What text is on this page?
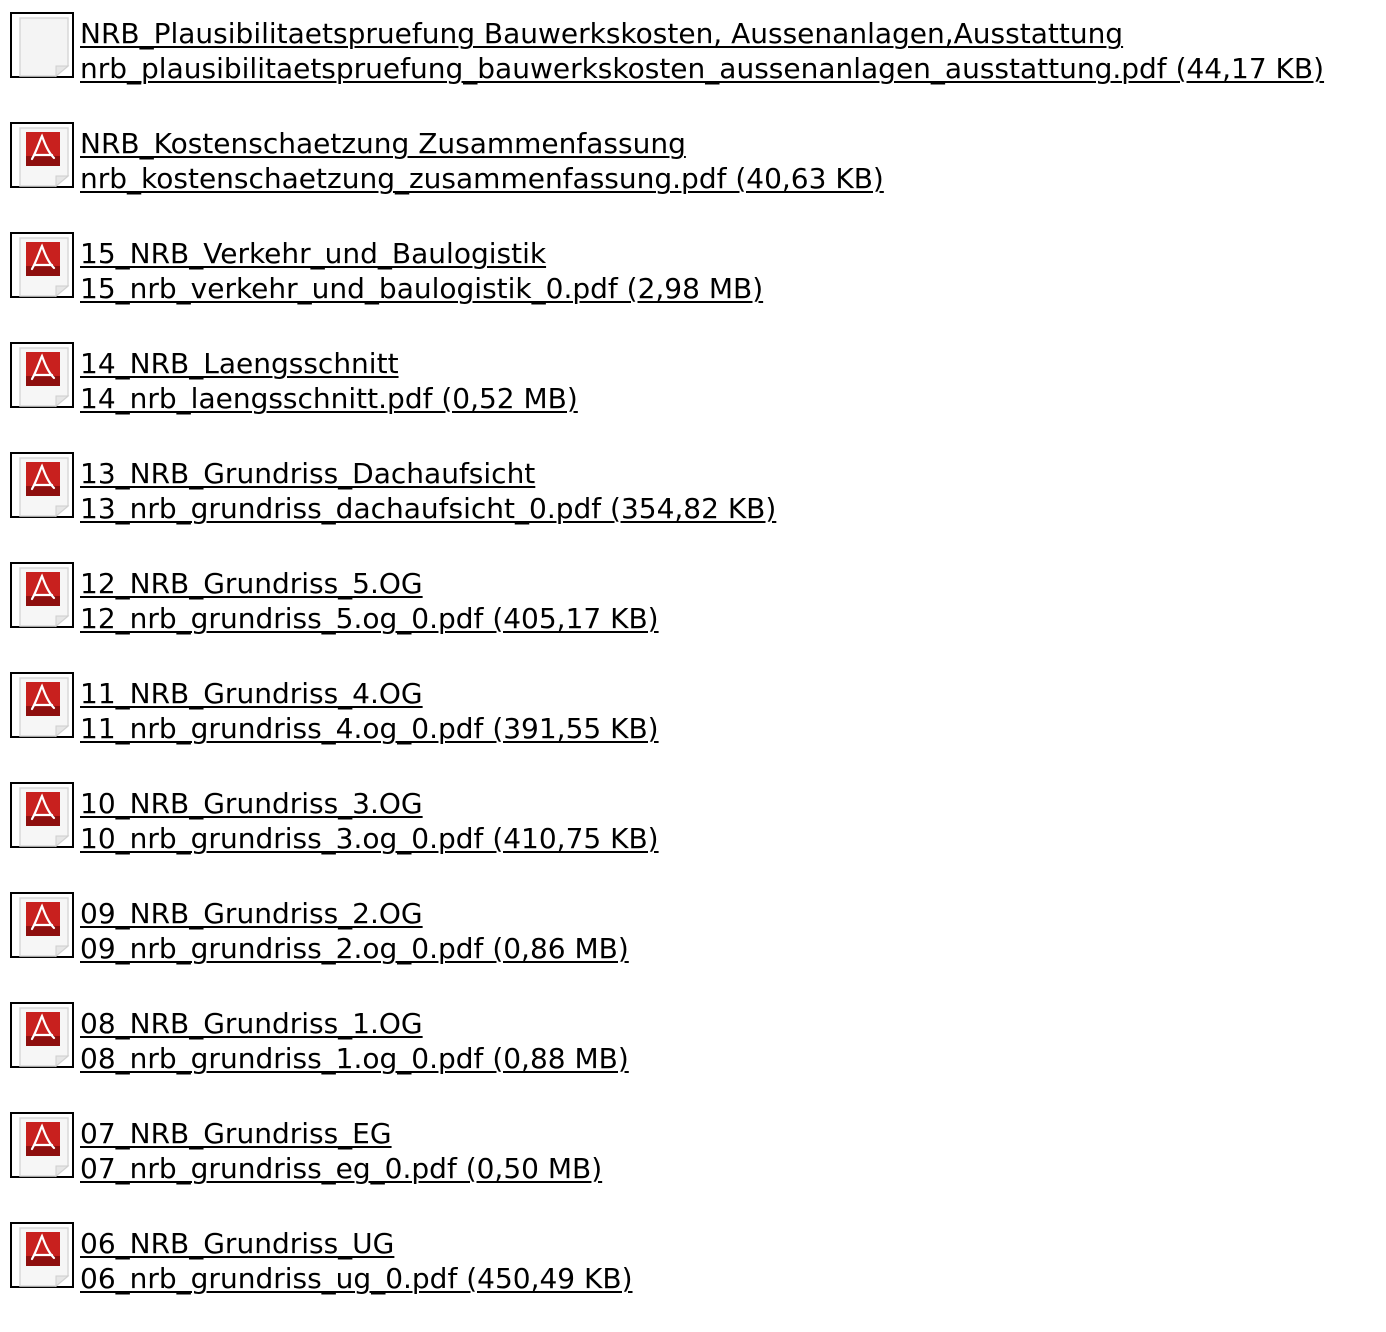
NRB_Plausibilitaetspruefung Bauwerkskosten, Aussenanlagen,Ausstattung
nrb_plausibilitaetspruefung_bauwerkskosten_aussenanlagen_ausstattung.pdf (44,17 KB)
NRB_Kostenschaetzung Zusammenfassung
nrb_kostenschaetzung_zusammenfassung.pdf (40,63 KB)
15_NRB_Verkehr_und_Baulogistik
15_nrb_verkehr_und_baulogistik_0.pdf (2,98 MB)
14_NRB_Laengsschnitt
14_nrb_laengsschnitt.pdf (0,52 MB)
13_NRB_Grundriss_Dachaufsicht
13_nrb_grundriss_dachaufsicht_0.pdf (354,82 KB)
12_NRB_Grundriss_5.OG
12_nrb_grundriss_5.og_0.pdf (405,17 KB)
11_NRB_Grundriss_4.OG
11_nrb_grundriss_4.og_0.pdf (391,55 KB)
10_NRB_Grundriss_3.OG
10_nrb_grundriss_3.og_0.pdf (410,75 KB)
09_NRB_Grundriss_2.OG
09_nrb_grundriss_2.og_0.pdf (0,86 MB)
08_NRB_Grundriss_1.OG
08_nrb_grundriss_1.og_0.pdf (0,88 MB)
07_NRB_Grundriss_EG
07_nrb_grundriss_eg_0.pdf (0,50 MB)
06_NRB_Grundriss_UG
06_nrb_grundriss_ug_0.pdf (450,49 KB)
